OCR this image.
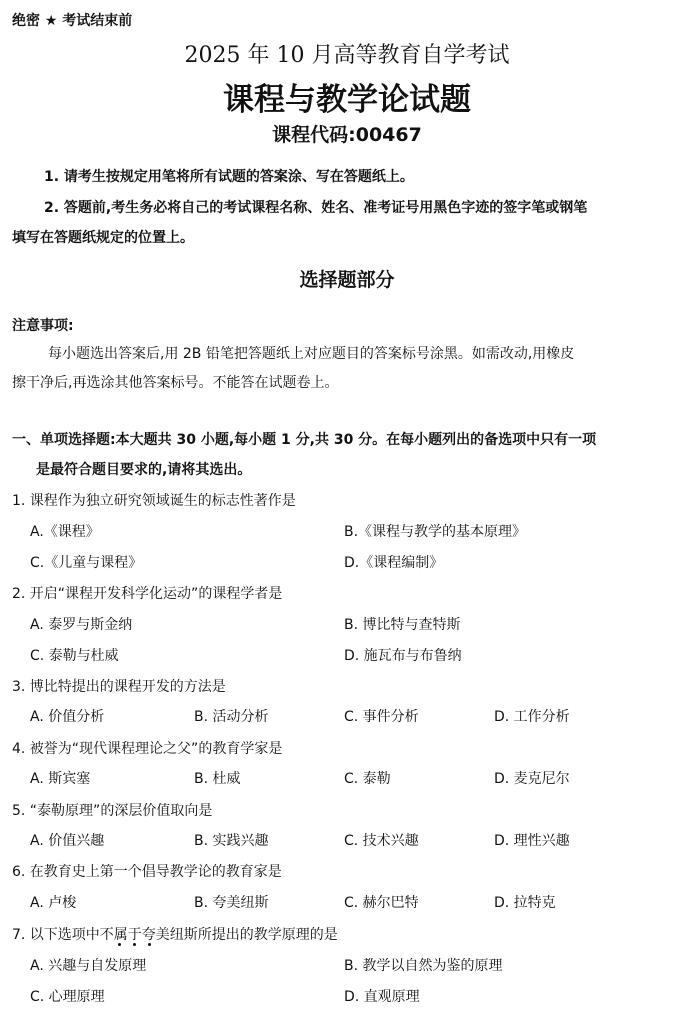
绝密 ★ 考试结束前
2025 年 10 月高等教育自学考试
课程与教学论试题
课程代码:00467
1. 请考生按规定用笔将所有试题的答案涂、写在答题纸上。
2. 答题前,考生务必将自己的考试课程名称、姓名、准考证号用黑色字迹的签字笔或钢笔
填写在答题纸规定的位置上。
选择题部分
注意事项:
每小题选出答案后,用 2B 铅笔把答题纸上对应题目的答案标号涂黑。如需改动,用橡皮
擦干净后,再选涂其他答案标号。不能答在试题卷上。
一、单项选择题:本大题共 30 小题,每小题 1 分,共 30 分。在每小题列出的备选项中只有一项
是最符合题目要求的,请将其选出。
1. 课程作为独立研究领域诞生的标志性著作是
A.《课程》	B.《课程与教学的基本原理》
C.《儿童与课程》	D.《课程编制》
2. 开启“课程开发科学化运动”的课程学者是
A. 泰罗与斯金纳	B. 博比特与查特斯
C. 泰勒与杜威	D. 施瓦布与布鲁纳
3. 博比特提出的课程开发的方法是
A. 价值分析	B. 活动分析	C. 事件分析	D. 工作分析
4. 被誉为“现代课程理论之父”的教育学家是
A. 斯宾塞	B. 杜威	C. 泰勒	D. 麦克尼尔
5. “泰勒原理”的深层价值取向是
A. 价值兴趣	B. 实践兴趣	C. 技术兴趣	D. 理性兴趣
6. 在教育史上第一个倡导教学论的教育家是
A. 卢梭	B. 夸美纽斯	C. 赫尔巴特	D. 拉特克
7. 以下选项中不属于夸美纽斯所提出的教学原理的是
A. 兴趣与自发原理	B. 教学以自然为鉴的原理
C. 心理原理	D. 直观原理
